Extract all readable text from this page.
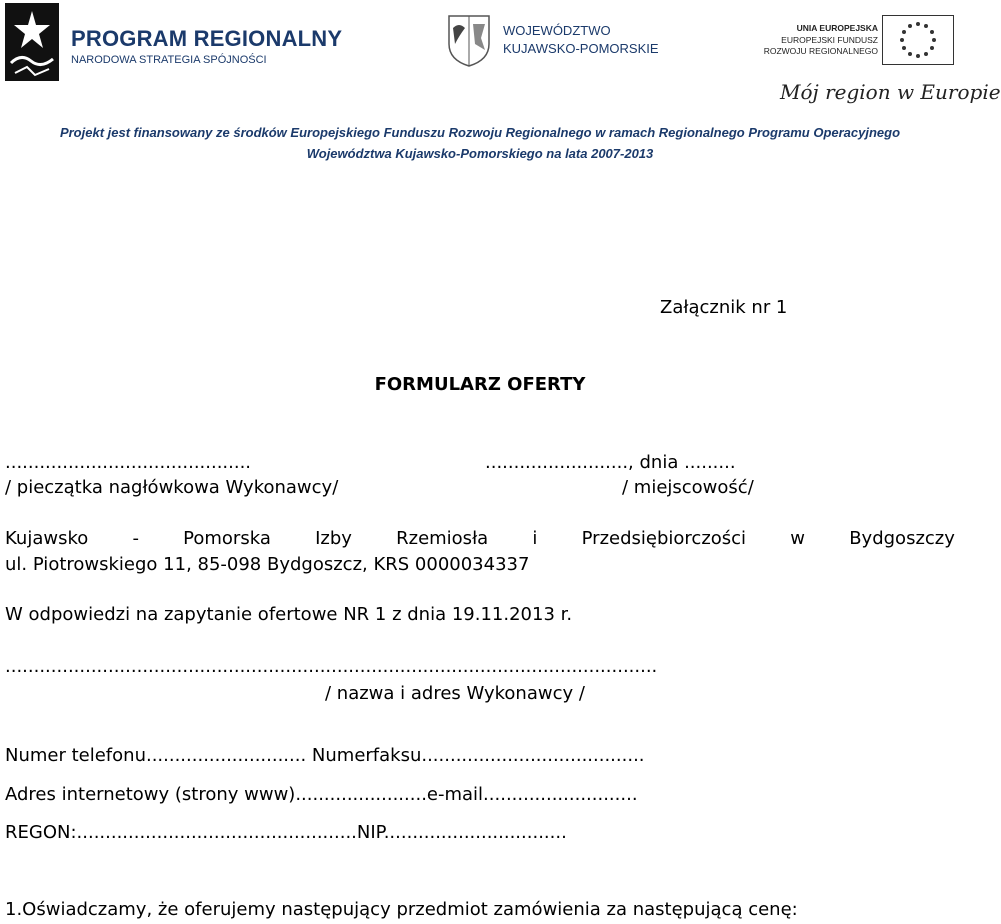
PROGRAM REGIONALNY
NARODOWA STRATEGIA SPÓJNOŚCI
WOJEWÓDZTWO
KUJAWSKO-POMORSKIE
UNIA EUROPEJSKA
EUROPEJSKI FUNDUSZ
ROZWOJU REGIONALNEGO
Mój region w Europie
Projekt jest finansowany ze środków Europejskiego Funduszu Rozwoju Regionalnego w ramach Regionalnego Programu Operacyjnego
Województwa Kujawsko-Pomorskiego na lata 2007-2013
Załącznik nr 1
FORMULARZ OFERTY
...........................................	........................., dnia .........
/ pieczątka nagłówkowa Wykonawcy/	/ miejscowość/
Kujawsko - Pomorska Izby Rzemiosła i Przedsiębiorczości w Bydgoszczy
ul. Piotrowskiego 11, 85-098 Bydgoszcz, KRS 0000034337
W odpowiedzi na zapytanie ofertowe NR 1 z dnia 19.11.2013 r.
..................................................................................................................
/ nazwa i adres Wykonawcy /
Numer telefonu............................ Numerfaksu.......................................
Adres internetowy (strony www).......................e-mail...........................
REGON:.................................................NIP................................
1.Oświadczamy, że oferujemy następujący przedmiot zamówienia za następującą cenę:
